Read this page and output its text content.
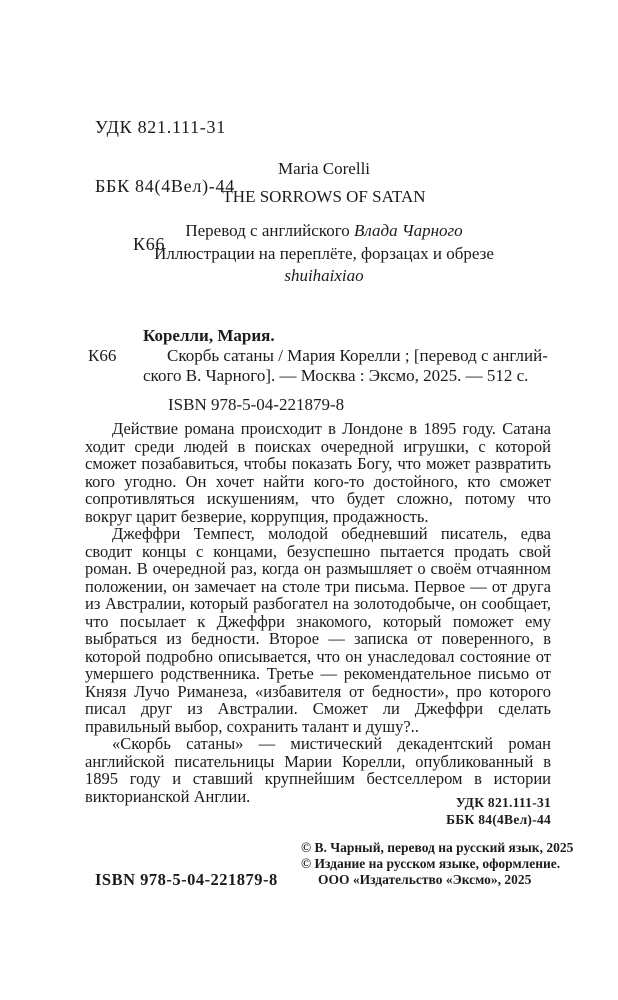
УДК 821.111-31

ББК 84(4Вел)-44

К66

Maria Corelli
THE SORROWS OF SATAN
Перевод с английского Влада Чарного
Иллюстрации на переплёте, форзацах и обрезе
shuihaixiao
Корелли, Мария.
К66	Скорбь сатаны / Мария Корелли ; [перевод с англий-
ского В. Чарного]. — Москва : Эксмо, 2025. — 512 с.
ISBN 978-5-04-221879-8

Действие романа происходит в Лондоне в 1895 году. Сатана ходит среди людей в поисках очередной игрушки, с которой сможет позабавиться, чтобы показать Богу, что может развратить кого угодно. Он хочет найти кого-то достойного, кто сможет сопротивляться искушениям, что будет сложно, потому что вокруг царит безверие, коррупция, продажность.

Джеффри Темпест, молодой обедневший писатель, едва сводит концы с концами, безуспешно пытается продать свой роман. В очередной раз, когда он размышляет о своём отчаянном положении, он замечает на столе три письма. Первое — от друга из Австралии, который разбогател на золотодобыче, он сообщает, что посылает к Джеффри знакомого, который поможет ему выбраться из бедности. Второе — записка от поверенного, в которой подробно описывается, что он унаследовал состояние от умершего родственника. Третье — рекомендательное письмо от Князя Лучо Риманеза, «избавителя от бедности», про которого писал друг из Австралии. Сможет ли Джеффри сделать правильный выбор, сохранить талант и душу?..

«Скорбь сатаны» — мистический декадентский роман английской писательницы Марии Корелли, опубликованный в 1895 году и ставший крупнейшим бестселлером в истории викторианской Англии.	УДК 821.111-31
ББК 84(4Вел)-44
© В. Чарный, перевод на русский язык, 2025
© Издание на русском языке, оформление.
ООО «Издательство «Эксмо», 2025
ISBN 978-5-04-221879-8
